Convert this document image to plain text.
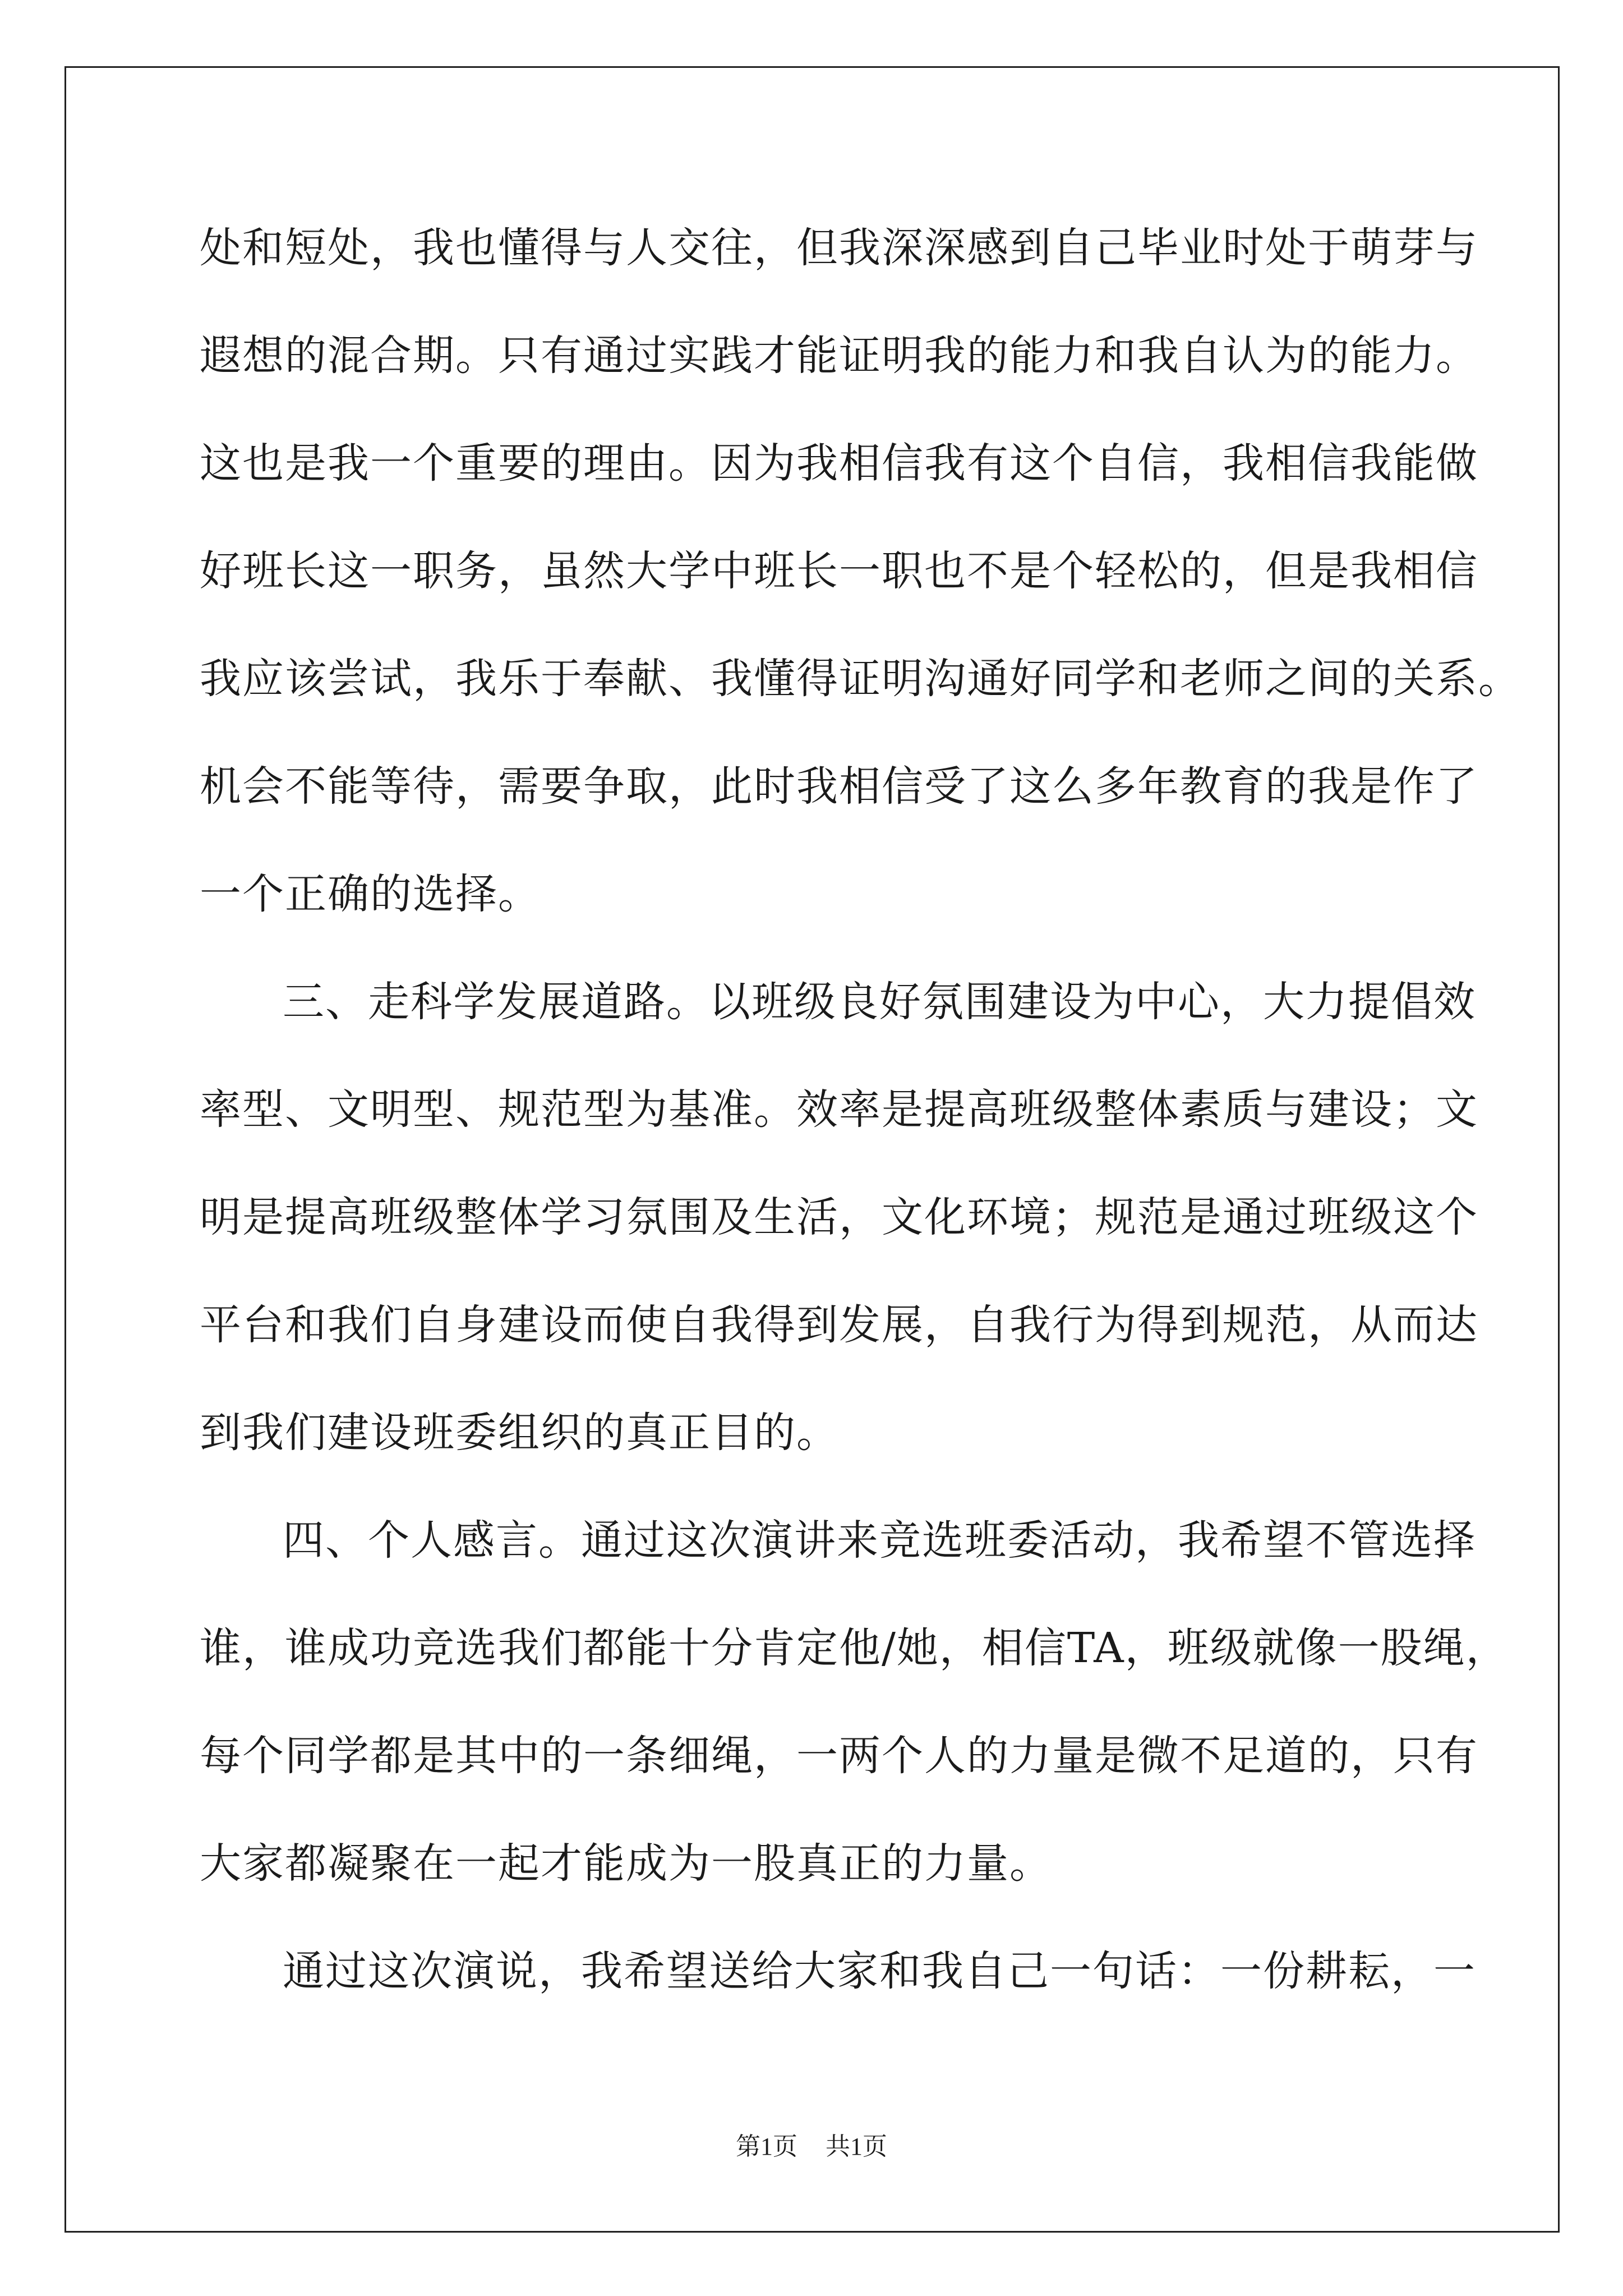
处和短处，我也懂得与人交往，但我深深感到自己毕业时处于萌芽与
遐想的混合期。只有通过实践才能证明我的能力和我自认为的能力。
这也是我一个重要的理由。因为我相信我有这个自信，我相信我能做
好班长这一职务，虽然大学中班长一职也不是个轻松的，但是我相信
我应该尝试，我乐于奉献、我懂得证明沟通好同学和老师之间的关系。
机会不能等待，需要争取，此时我相信受了这么多年教育的我是作了
一个正确的选择。
三、走科学发展道路。以班级良好氛围建设为中心，大力提倡效
率型、文明型、规范型为基准。效率是提高班级整体素质与建设；文
明是提高班级整体学习氛围及生活，文化环境；规范是通过班级这个
平台和我们自身建设而使自我得到发展，自我行为得到规范，从而达
到我们建设班委组织的真正目的。
四、个人感言。通过这次演讲来竞选班委活动，我希望不管选择
谁，谁成功竞选我们都能十分肯定他/她，相信TA，班级就像一股绳，
每个同学都是其中的一条细绳，一两个人的力量是微不足道的，只有
大家都凝聚在一起才能成为一股真正的力量。
通过这次演说，我希望送给大家和我自己一句话：一份耕耘，一
第1页 共1页
